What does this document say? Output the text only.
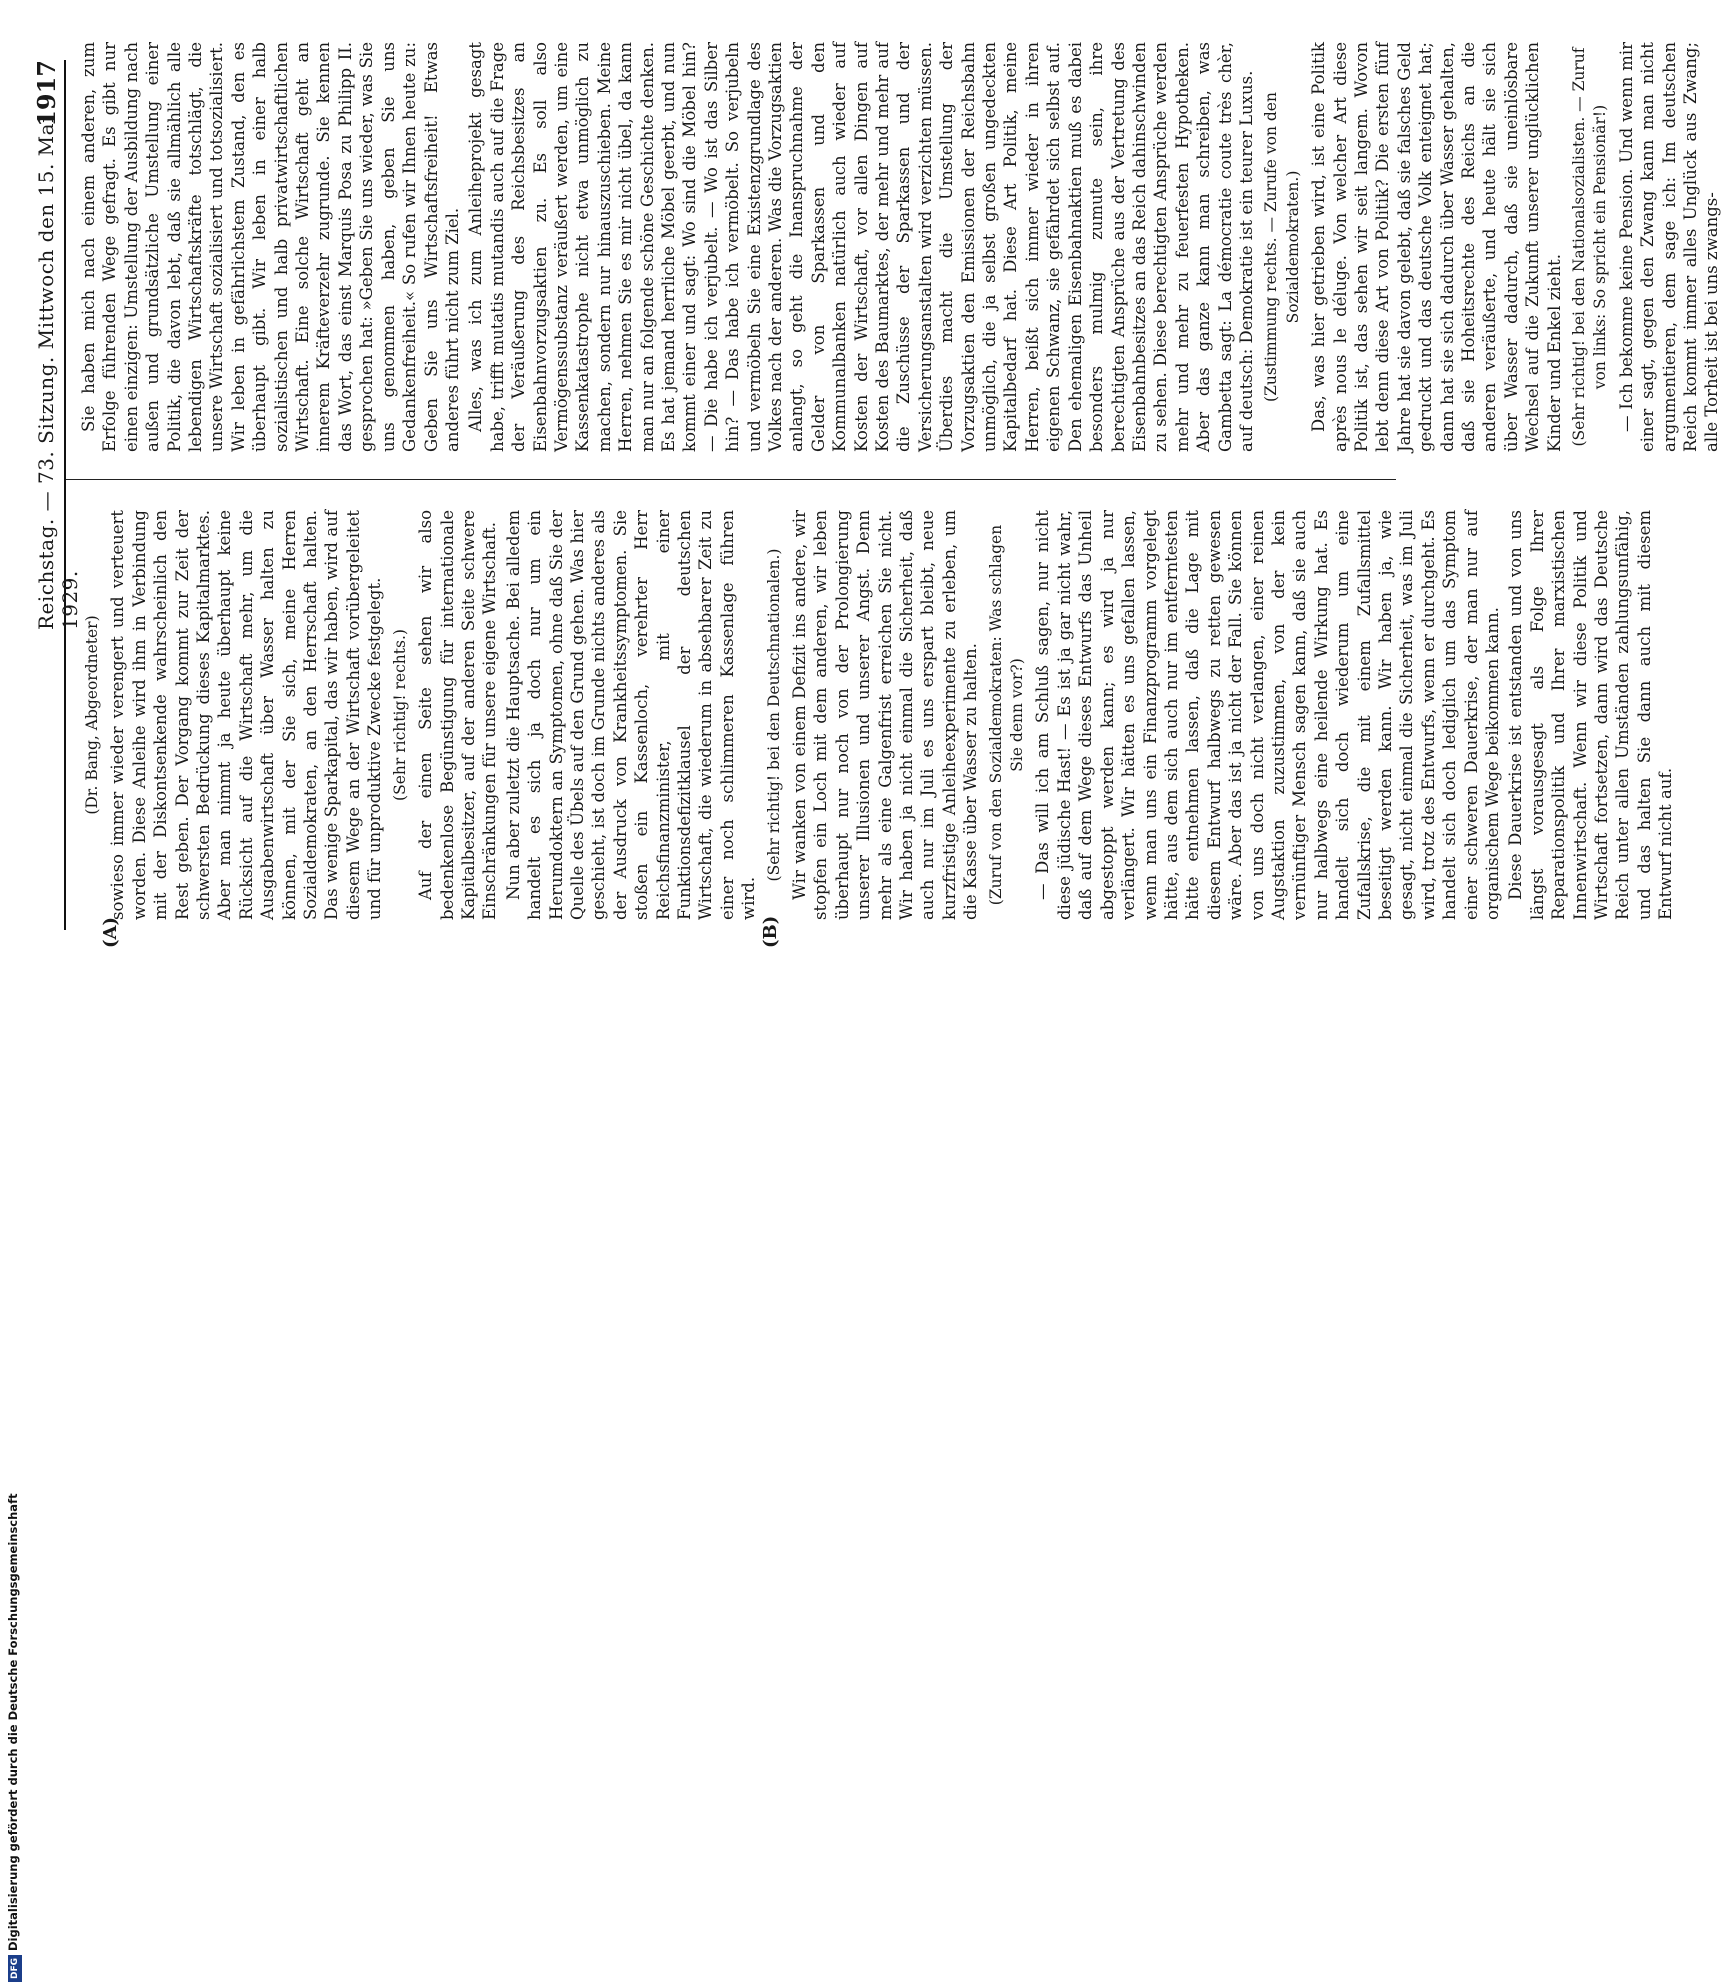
Reichstag. — 73. Sitzung. Mittwoch den 15. Mai 1929.
1917
(A)	(B)

(Dr. Bang, Abgeordneter) sowieso immer wieder verengert und verteuert worden. Diese Anleihe wird ihm in Verbindung mit der Diskontsenkende wahrscheinlich den Rest geben. Der Vorgang kommt zur Zeit der schwersten Bedrückung dieses Kapitalmarktes. Aber man nimmt ja heute überhaupt keine Rücksicht auf die Wirtschaft mehr, um die Ausgabenwirtschaft über Wasser halten zu können, mit der Sie sich, meine Herren Sozialdemokraten, an den Herrschaft halten. Das wenige Sparkapital, das wir haben, wird auf diesem Wege an der Wirtschaft vorübergeleitet und für unproduktive Zwecke festgelegt. (Sehr richtig! rechts.) Auf der einen Seite sehen wir also bedenkenlose Begünstigung für internationale Kapitalbesitzer, auf der anderen Seite schwere Einschränkungen für unsere eigene Wirtschaft. Nun aber zuletzt die Hauptsache. Bei alledem handelt es sich ja doch nur um ein Herumdoktern an Symptomen, ohne daß Sie der Quelle des Übels auf den Grund gehen. Was hier geschieht, ist doch im Grunde nichts anderes als der Ausdruck von Krankheitssymptomen. Sie stoßen ein Kassenloch, verehrter Herr Reichsfinanzminister, mit einer Funktionsdefizitklausel der deutschen Wirtschaft, die wiederum in absehbarer Zeit zu einer noch schlimmeren Kassenlage führen wird.

(Sehr richtig! bei den Deutschnationalen.) Wir wanken von einem Defizit ins andere, wir stopfen ein Loch mit dem anderen, wir leben überhaupt nur noch von der Prolongierung unserer Illusionen und unserer Angst. Denn mehr als eine Galgenfrist erreichen Sie nicht. Wir haben ja nicht einmal die Sicherheit, daß auch nur im Juli es uns erspart bleibt, neue kurzfristige Anleiheexperimente zu erleben, um die Kasse über Wasser zu halten. (Zuruf von den Sozialdemokraten: Was schlagen Sie denn vor?) — Das will ich am Schluß sagen, nur nicht diese jüdische Hast! — Es ist ja gar nicht wahr, daß auf dem Wege dieses Entwurfs das Unheil abgestoppt werden kann; es wird ja nur verlängert. Wir hätten es uns gefallen lassen, wenn man uns ein Finanzprogramm vorgelegt hätte, aus dem sich auch nur im entferntesten hätte entnehmen lassen, daß die Lage mit diesem Entwurf halbwegs zu retten gewesen wäre. Aber das ist ja nicht der Fall. Sie können von uns doch nicht verlangen, einer reinen Augstaktion zuzustimmen, von der kein vernünftiger Mensch sagen kann, daß sie auch nur halbwegs eine heilende Wirkung hat. Es handelt sich doch wiederum um eine Zufallskrise, die mit einem Zufallsmittel beseitigt werden kann. Wir haben ja, wie gesagt, nicht einmal die Sicherheit, was im Juli wird, trotz des Entwurfs, wenn er durchgeht. Es handelt sich doch lediglich um das Symptom einer schweren Dauerkrise, der man nur auf organischem Wege beikommen kann. Diese Dauerkrise ist entstanden und von uns längst vorausgesagt als Folge Ihrer Reparationspolitik und Ihrer marxistischen Innenwirtschaft. Wenn wir diese Politik und Wirtschaft fortsetzen, dann wird das Deutsche Reich unter allen Umständen zahlungsunfähig, und das halten Sie dann auch mit diesem Entwurf nicht auf.

Sie haben mich nach einem anderen, zum Erfolge führenden Wege gefragt. Es gibt nur einen einzigen: Umstellung der Ausbildung nach außen und grundsätzliche Umstellung einer Politik, die davon lebt, daß sie allmählich alle lebendigen Wirtschaftskräfte totschlägt, die unsere Wirtschaft sozialisiert und totsozialisiert. Wir leben in gefährlichstem Zustand, den es überhaupt gibt. Wir leben in einer halb sozialistischen und halb privatwirtschaftlichen Wirtschaft. Eine solche Wirtschaft geht an innerem Kräfteverzehr zugrunde. Sie kennen das Wort, das einst Marquis Posa zu Philipp II. gesprochen hat: »Geben Sie uns wieder, was Sie uns genommen haben, geben Sie uns Gedankenfreiheit.« So rufen wir Ihnen heute zu: Geben Sie uns Wirtschaftsfreiheit! Etwas anderes führt nicht zum Ziel. Alles, was ich zum Anleiheprojekt gesagt habe, trifft mutatis mutandis auch auf die Frage der Veräußerung des Reichsbesitzes an Eisenbahnvorzugsaktien zu. Es soll also Vermögenssubstanz veräußert werden, um eine Kassenkatastrophe nicht etwa unmöglich zu machen, sondern nur hinauszuschieben. Meine Herren, nehmen Sie es mir nicht übel, da kann man nur an folgende schöne Geschichte denken. Es hat jemand herrliche Möbel geerbt, und nun kommt einer und sagt: Wo sind die Möbel hin? — Die habe ich verjubelt. — Wo ist das Silber hin? — Das habe ich vermöbelt. So verjubeln und vermöbeln Sie eine Existenzgrundlage des Volkes nach der anderen. Was die Vorzugsaktien anlangt, so geht die Inanspruchnahme der Gelder von Sparkassen und den Kommunalbanken natürlich auch wieder auf Kosten der Wirtschaft, vor allen Dingen auf Kosten des Baumarktes, der mehr und mehr auf die Zuschüsse der Sparkassen und der Versicherungsanstalten wird verzichten müssen. Überdies macht die Umstellung der Vorzugsaktien den Emissionen der Reichsbahn unmöglich, die ja selbst großen ungedeckten Kapitalbedarf hat. Diese Art Politik, meine Herren, beißt sich immer wieder in ihren eigenen Schwanz, sie gefährdet sich selbst auf. Den ehemaligen Eisenbahnaktien muß es dabei besonders mulmig zumute sein, ihre berechtigten Ansprüche aus der Vertretung des Eisenbahnbesitzes an das Reich dahinschwinden zu sehen. Diese berechtigten Ansprüche werden mehr und mehr zu feuerfesten Hypotheken. Aber das ganze kann man schreiben, was Gambetta sagt: La démocratie coute très chèr, auf deutsch: Demokratie ist ein teurer Luxus. (Zustimmung rechts. — Zurufe von den Sozialdemokraten.) Das, was hier getrieben wird, ist eine Politik après nous le déluge. Von welcher Art diese Politik ist, das sehen wir seit langem. Wovon lebt denn diese Art von Politik? Die ersten fünf Jahre hat sie davon gelebt, daß sie falsches Geld gedruckt und das deutsche Volk enteignet hat; dann hat sie sich dadurch über Wasser gehalten, daß sie Hoheitsrechte des Reichs an die anderen veräußerte, und heute hält sie sich über Wasser dadurch, daß sie uneinlösbare Wechsel auf die Zukunft unserer unglücklichen Kinder und Enkel zieht. (Sehr richtig! bei den Nationalsozialisten. — Zuruf von links: So spricht ein Pensionär!) — Ich bekomme keine Pension. Und wenn mir einer sagt, gegen den Zwang kann man nicht argumentieren, dem sage ich: Im deutschen Reich kommt immer alles Unglück aus Zwang; alle Torheit ist bei uns zwangs-

DFGDigitalisierung gefördert durch die Deutsche Forschungsgemeinschaft
